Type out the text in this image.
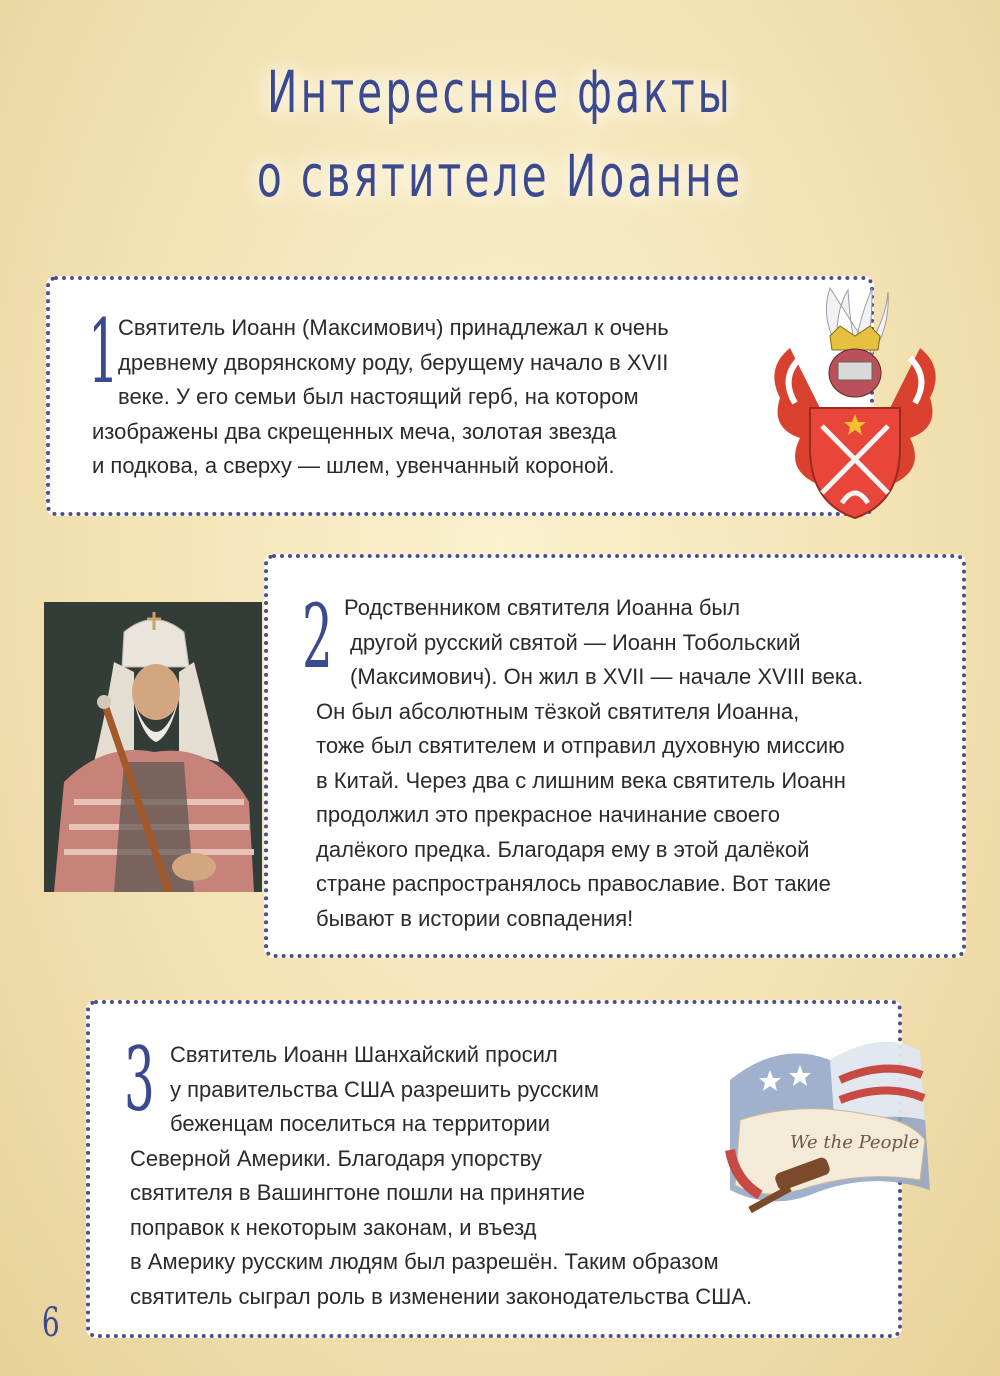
Интересные факты
о святителе Иоанне
1 Святитель Иоанн (Максимович) принадлежал к очень
древнему дворянскому роду, берущему начало в XVII
веке. У его семьи был настоящий герб, на котором
изображены два скрещенных меча, золотая звезда
и подкова, а сверху — шлем, увенчанный короной.
2 Родственником святителя Иоанна был
другой русский святой — Иоанн Тобольский
(Максимович). Он жил в XVII — начале XVIII века.
Он был абсолютным тёзкой святителя Иоанна,
тоже был святителем и отправил духовную миссию
в Китай. Через два с лишним века святитель Иоанн
продолжил это прекрасное начинание своего
далёкого предка. Благодаря ему в этой далёкой
стране распространялось православие. Вот такие
бывают в истории совпадения!
3 Святитель Иоанн Шанхайский просил
у правительства США разрешить русским
беженцам поселиться на территории
Северной Америки. Благодаря упорству
святителя в Вашингтоне пошли на принятие
поправок к некоторым законам, и въезд
в Америку русским людям был разрешён. Таким образом
святитель сыграл роль в изменении законодательства США.
We the People
6
